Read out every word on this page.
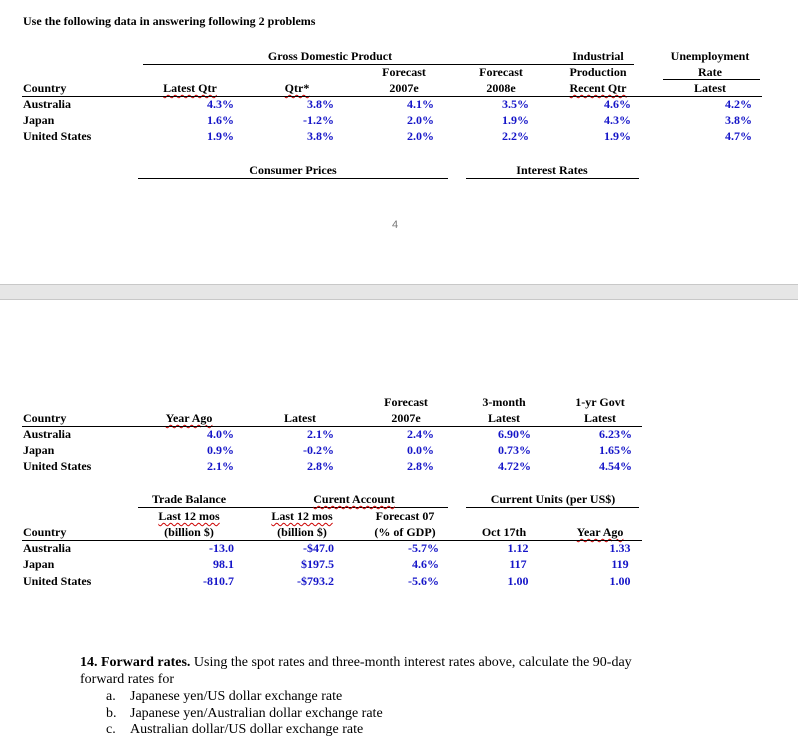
Use the following data in answering following 2 problems
Gross Domestic Product	Industrial
Production
Unemployment
Rate
Forecast	Forecast
Country	Latest Qtr	Qtr*	2007e	2008e	Recent Qtr	Latest
Australia	4.3%	3.8%	4.1%	3.5%	4.6%	4.2%
Japan	1.6%	-1.2%	2.0%	1.9%	4.3%	3.8%
United States	1.9%	3.8%	2.0%	2.2%	1.9%	4.7%
Consumer Prices	Interest Rates
4
Forecast	3-month	1-yr Govt
Country	Year Ago	Latest	2007e	Latest	Latest
Australia	4.0%	2.1%	2.4%	6.90%	6.23%
Japan	0.9%	-0.2%	0.0%	0.73%	1.65%
United States	2.1%	2.8%	2.8%	4.72%	4.54%
Trade Balance	Curent Account	Current Units (per US$)
Last 12 mos	Last 12 mos	Forecast 07
Country	(billion $)	(billion $)	(% of GDP)	Oct 17th	Year Ago
Australia	-13.0	-$47.0	-5.7%	1.12	1.33
Japan	98.1	$197.5	4.6%	117	119
United States	-810.7	-$793.2	-5.6%	1.00	1.00
14. Forward rates. Using the spot rates and three-month interest rates above, calculate the 90-day
forward rates for
a. Japanese yen/US dollar exchange rate
b. Japanese yen/Australian dollar exchange rate
c. Australian dollar/US dollar exchange rate
